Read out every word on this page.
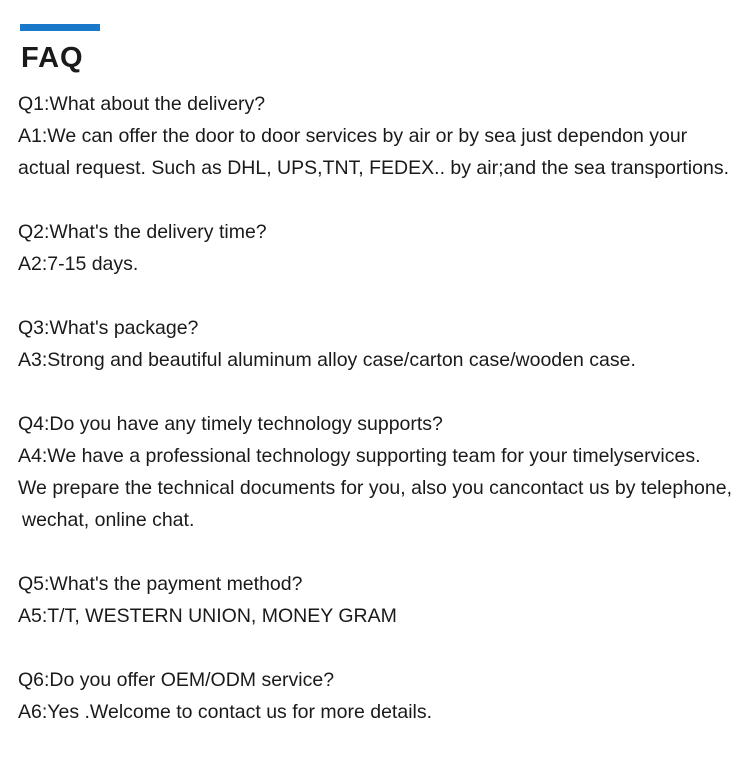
FAQ
Q1:What about the delivery?
A1:We can offer the door to door services by air or by sea just dependon your
actual request. Such as DHL, UPS,TNT, FEDEX.. by air;and the sea transportions.
Q2:What's the delivery time?
A2:7-15 days.
Q3:What's package?
A3:Strong and beautiful aluminum alloy case/carton case/wooden case.
Q4:Do you have any timely technology supports?
A4:We have a professional technology supporting team for your timelyservices.
We prepare the technical documents for you, also you cancontact us by telephone,
wechat, online chat.
Q5:What's the payment method?
A5:T/T, WESTERN UNION, MONEY GRAM
Q6:Do you offer OEM/ODM service?
A6:Yes .Welcome to contact us for more details.
